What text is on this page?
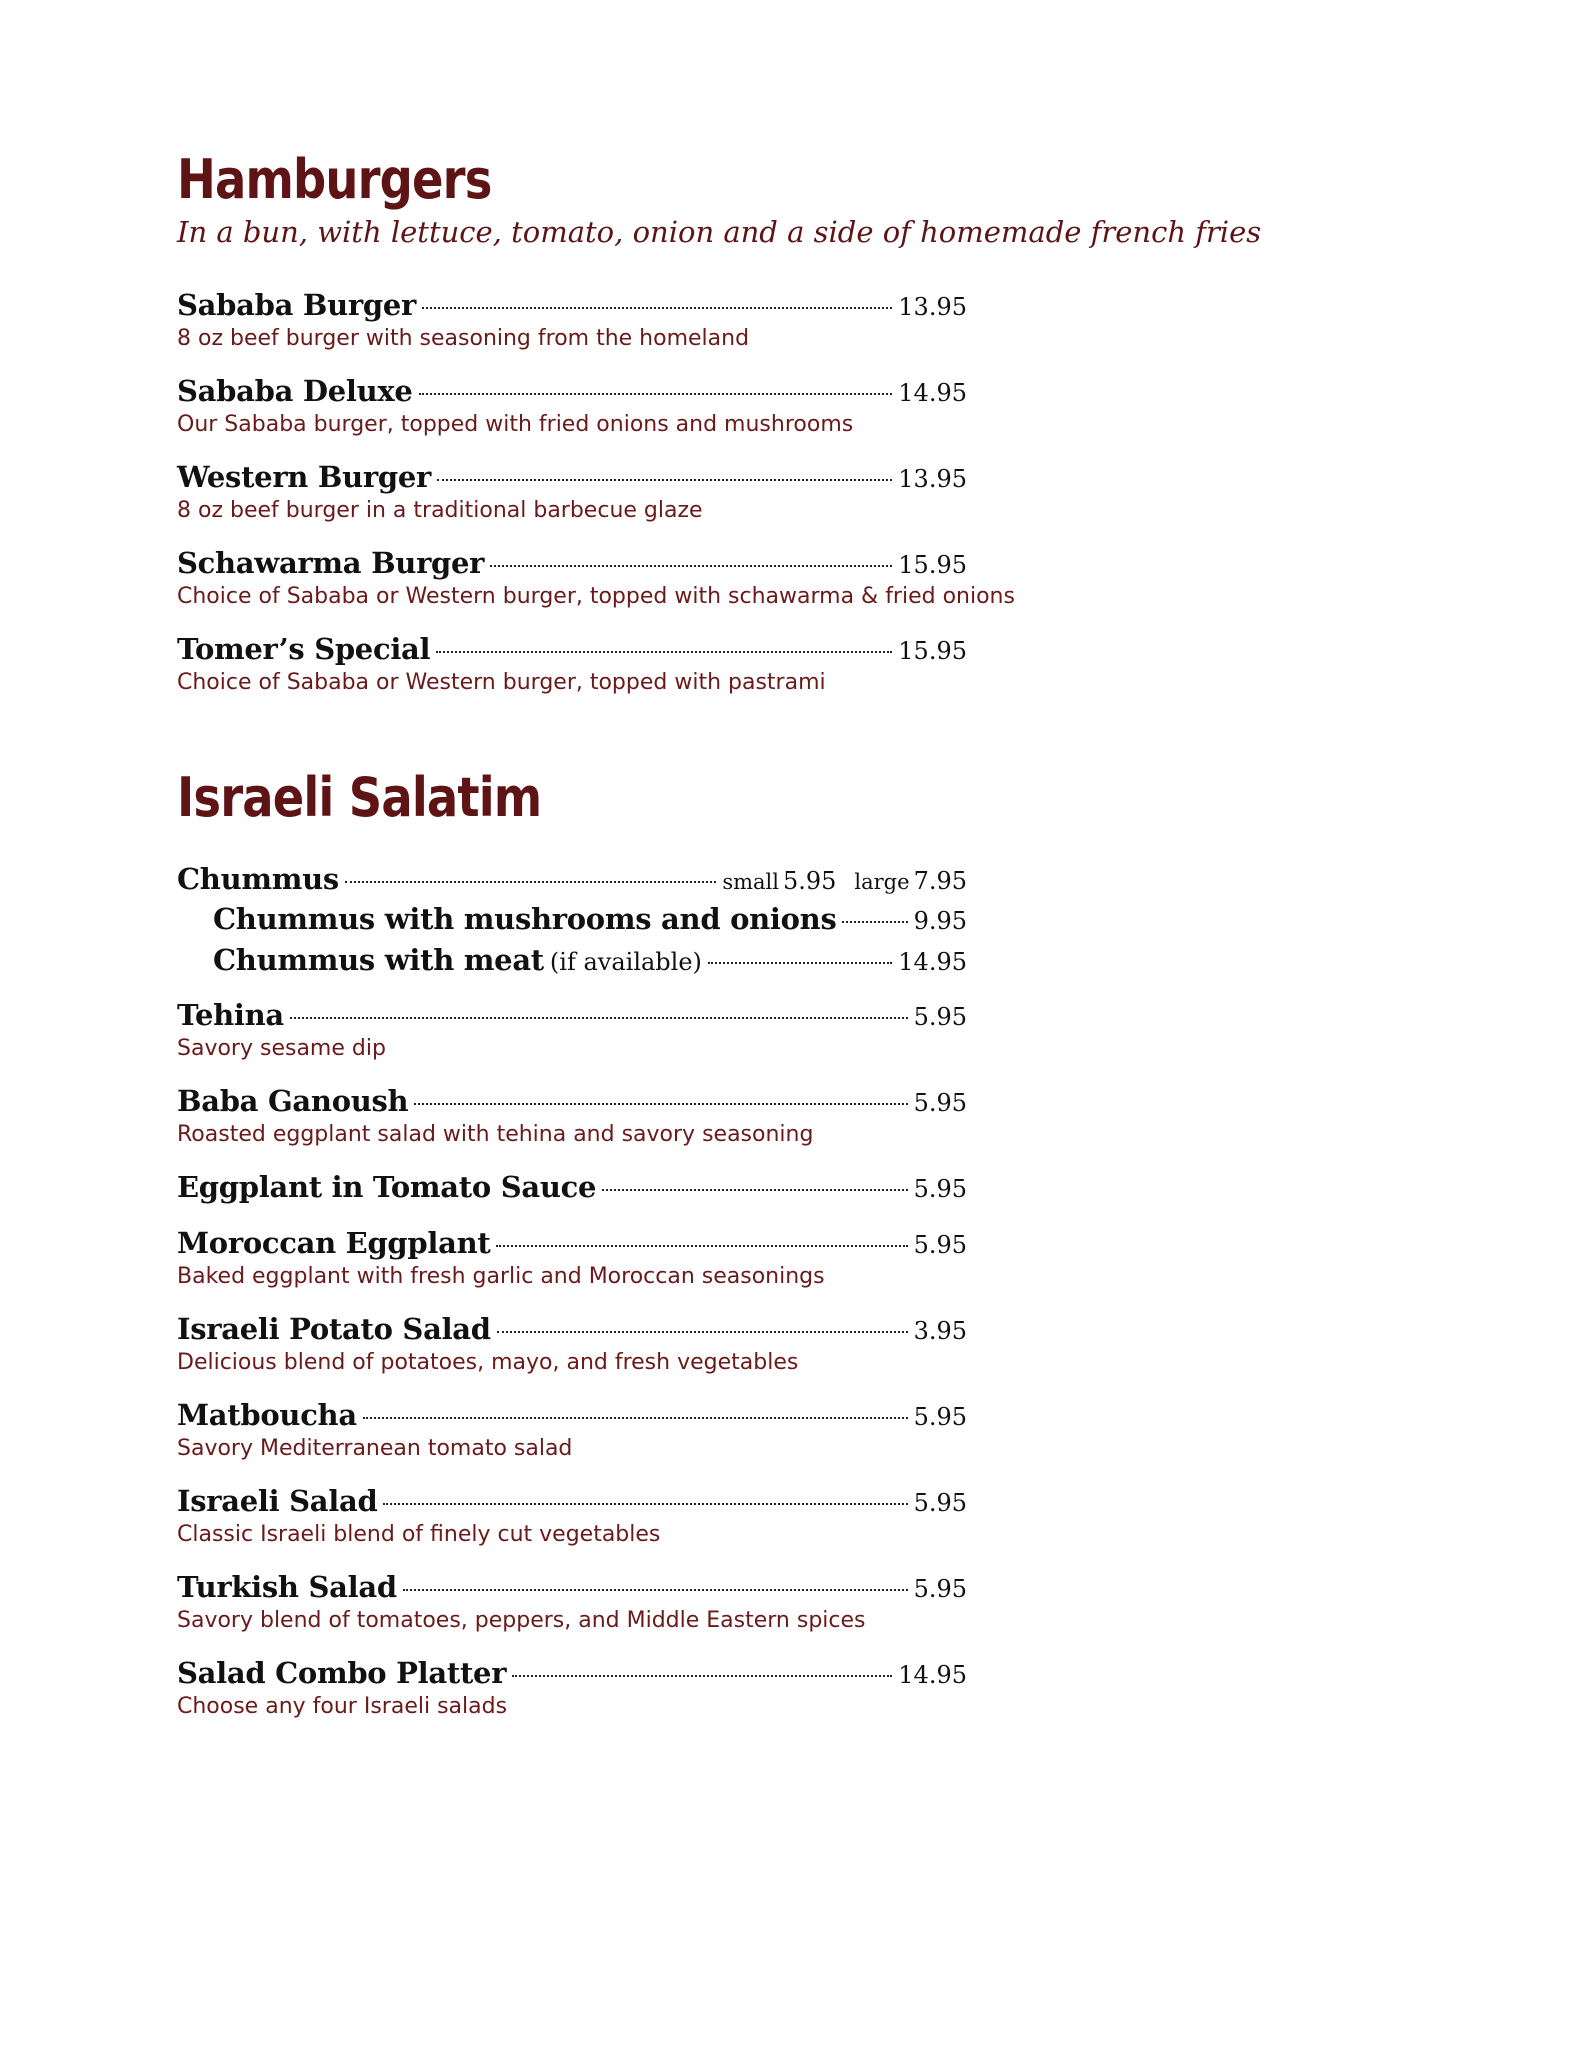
Hamburgers

In a bun, with lettuce, tomato, onion and a side of homemade french fries

Sababa Burger	13.95
8 oz beef burger with seasoning from the homeland
Sababa Deluxe	14.95
Our Sababa burger, topped with fried onions and mushrooms
Western Burger	13.95
8 oz beef burger in a traditional barbecue glaze
Schawarma Burger	15.95
Choice of Sababa or Western burger, topped with schawarma & fried onions
Tomer’s Special	15.95
Choice of Sababa or Western burger, topped with pastrami
Israeli Salatim
Chummus	small 5.95 large 7.95
Chummus with mushrooms and onions	9.95
Chummus with meat (if available)	14.95
Tehina	5.95
Savory sesame dip
Baba Ganoush	5.95
Roasted eggplant salad with tehina and savory seasoning
Eggplant in Tomato Sauce	5.95
Moroccan Eggplant	5.95
Baked eggplant with fresh garlic and Moroccan seasonings
Israeli Potato Salad	3.95
Delicious blend of potatoes, mayo, and fresh vegetables
Matboucha	5.95
Savory Mediterranean tomato salad
Israeli Salad	5.95
Classic Israeli blend of finely cut vegetables
Turkish Salad	5.95
Savory blend of tomatoes, peppers, and Middle Eastern spices
Salad Combo Platter	14.95
Choose any four Israeli salads
